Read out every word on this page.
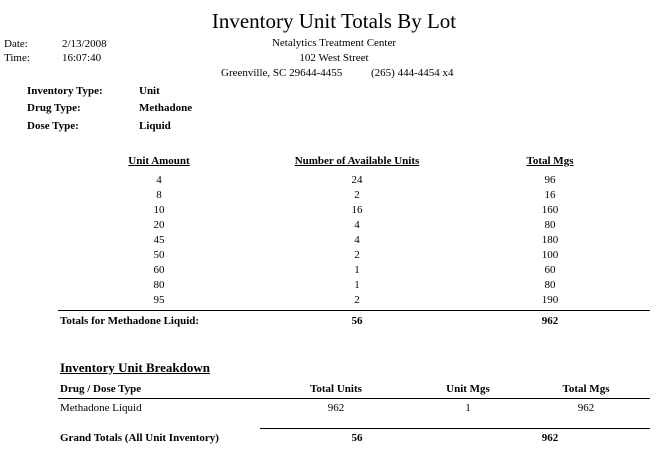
Inventory Unit Totals By Lot
Date:	2/13/2008
Time:	16:07:40
Netalytics Treatment Center
102 West Street
Greenville, SC 29644-4455	(265) 444-4454 x4
Inventory Type:	Unit
Drug Type:	Methadone
Dose Type:	Liquid
Unit Amount	Number of Available Units	Total Mgs
4	24	96
8	2	16
10	16	160
20	4	80
45	4	180
50	2	100
60	1	60
80	1	80
95	2	190
Totals for Methadone Liquid:	56	962
Inventory Unit Breakdown
Drug / Dose Type	Total Units	Unit Mgs	Total Mgs
Methadone Liquid	962	1	962
Grand Totals (All Unit Inventory)	56	962
